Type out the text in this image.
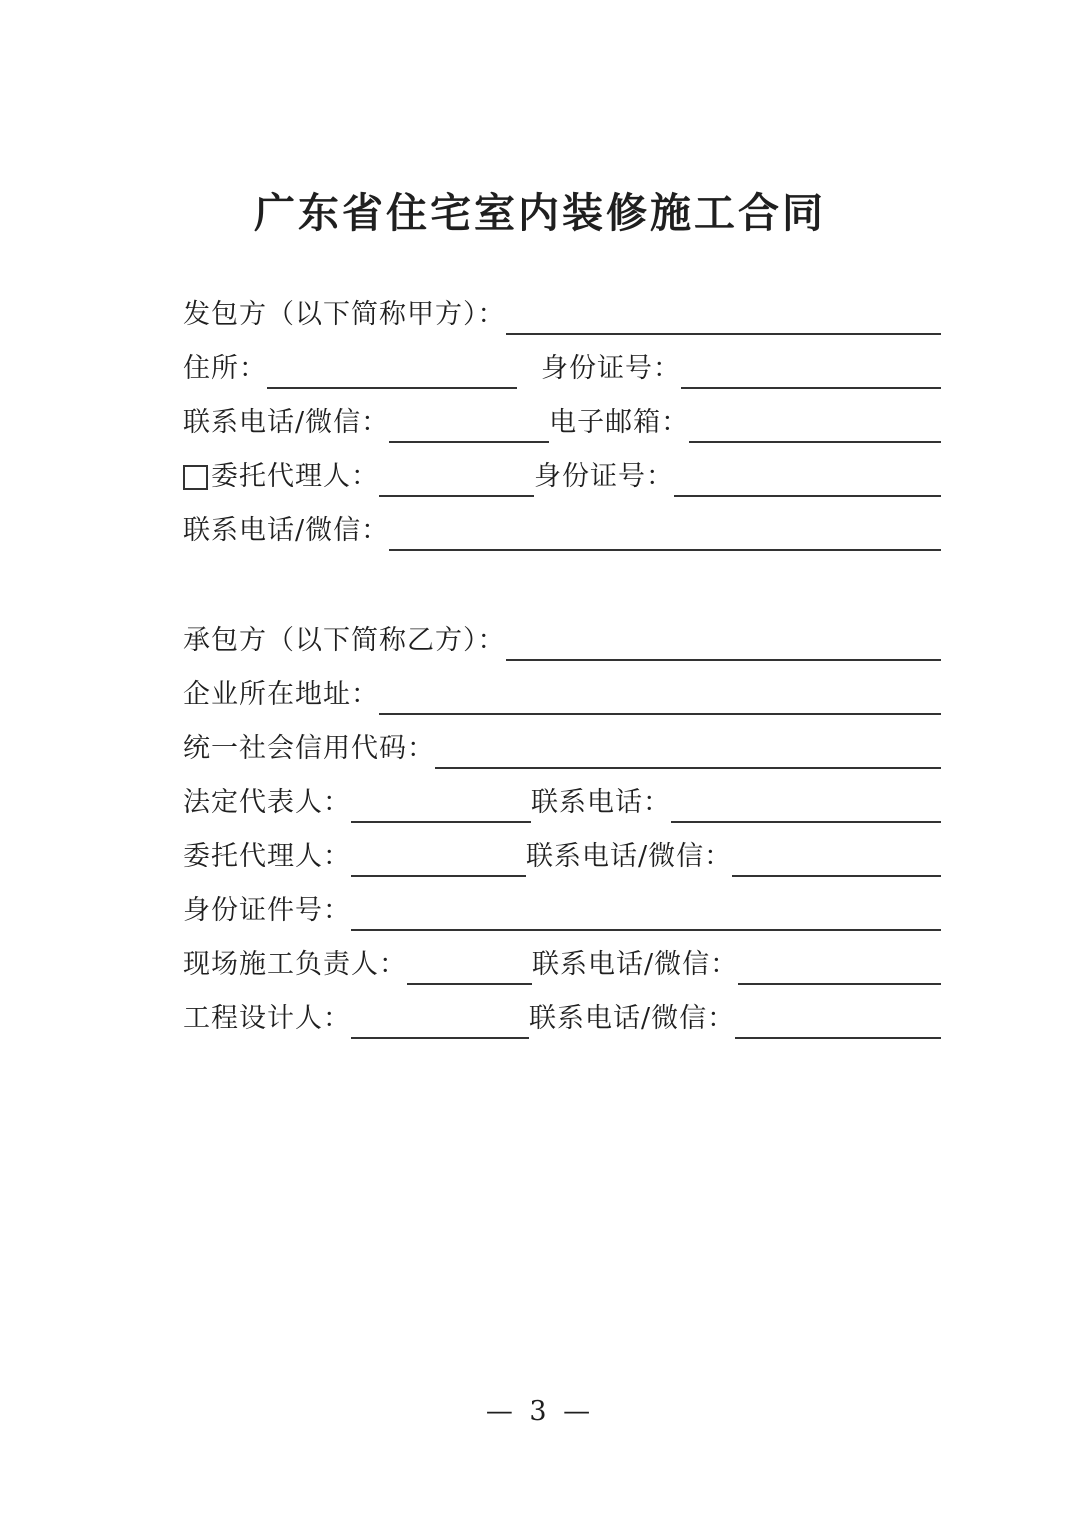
广东省住宅室内装修施工合同
发包方（以下简称甲方）：
住所：	身份证号：
联系电话/微信：	电子邮箱：
委托代理人：	身份证号：
联系电话/微信：
承包方（以下简称乙方）：
企业所在地址：
统一社会信用代码：
法定代表人：	联系电话：
委托代理人：	联系电话/微信：
身份证件号：
现场施工负责人：	联系电话/微信：
工程设计人：	联系电话/微信：
— 3 —
